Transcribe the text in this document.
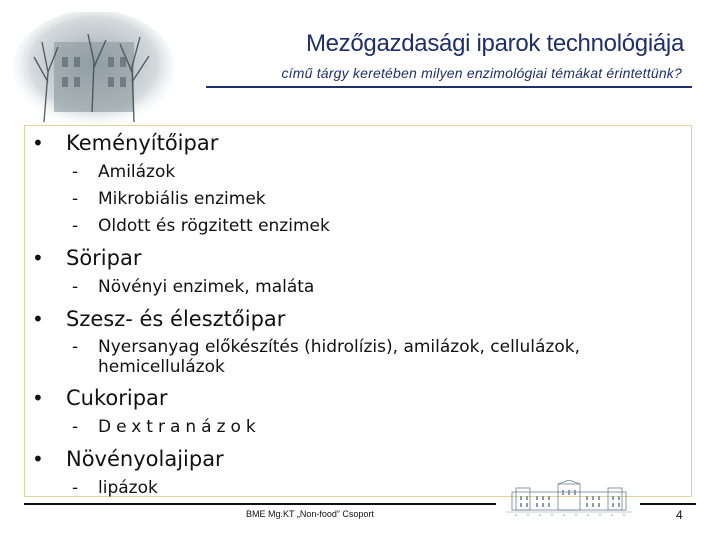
Mezőgazdasági iparok technológiája
című tárgy keretében milyen enzimológiai témákat érintettünk?
• Keményítőipar
- Amilázok
- Mikrobiális enzimek
- Oldott és rögzitett enzimek
• Söripar
- Növényi enzimek, maláta
• Szesz- és élesztőipar
- Nyersanyag előkészítés (hidrolízis), amilázok, cellulázok,
hemicellulázok
• Cukoripar
- Dextranázok
• Növényolajipar
- lipázok
BME Mg.KT „Non-food” Csoport	4
